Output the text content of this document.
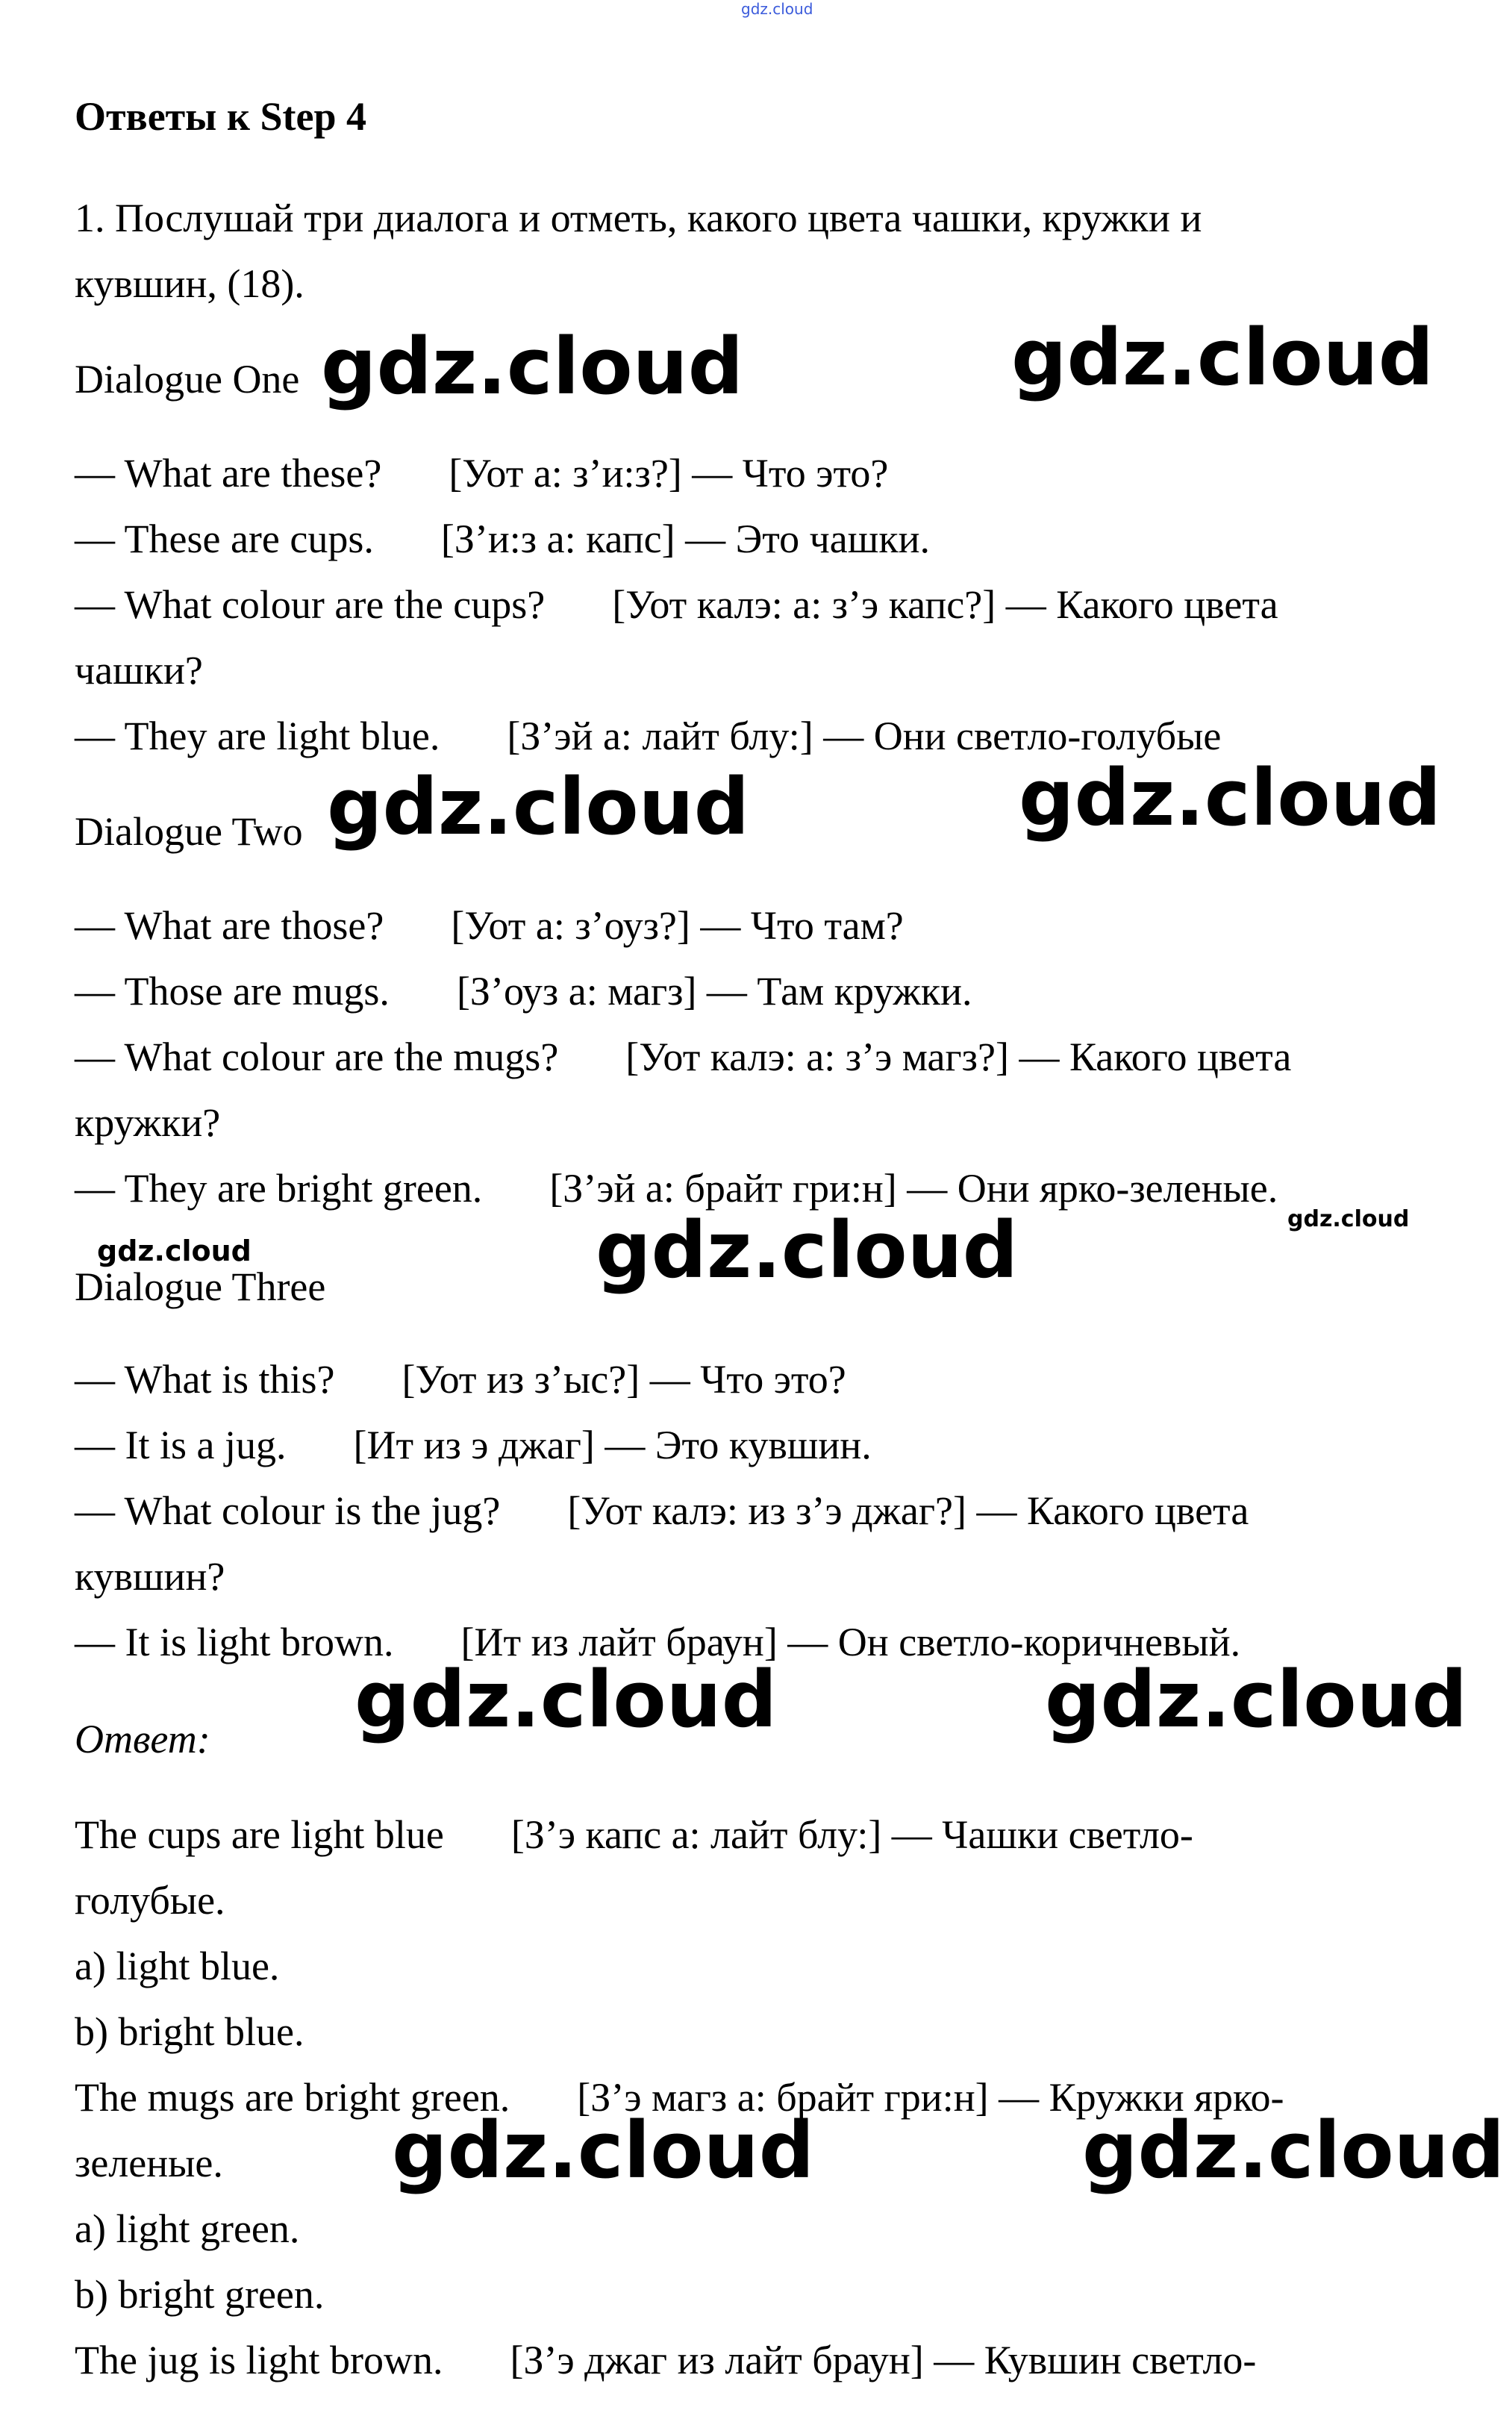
gdz.cloud
Ответы к Step 4
1. Послушай три диалога и отметь, какого цвета чашки, кружки и
кувшин, (18).
Dialogue One gdz.cloud	gdz.cloud
— What are these? [Уот а: з’и:з?] — Что это?
— These are cups. [З’и:з а: капс] — Это чашки.
— What colour are the cups? [Уот калэ: а: з’э капс?] — Какого цвета
чашки?
— They are light blue. [З’эй а: лайт блу:] — Они светло-голубые
Dialogue Two gdz.cloud	gdz.cloud
— What are those? [Уот а: з’оуз?] — Что там?
— Those are mugs. [З’оуз а: магз] — Там кружки.
— What colour are the mugs? [Уот калэ: а: з’э магз?] — Какого цвета
кружки?
— They are bright green. [З’эй а: брайт гри:н] — Они ярко-зеленые.
gdz.cloud
gdz.cloud
Dialogue Three	gdz.cloud
— What is this? [Уот из з’ыс?] — Что это?
— It is a jug. [Ит из э джаг] — Это кувшин.
— What colour is the jug? [Уот калэ: из з’э джаг?] — Какого цвета
кувшин?
— It is light brown. [Ит из лайт браун] — Он светло-коричневый.
Ответ: gdz.cloud	gdz.cloud
The cups are light blue [З’э капс а: лайт блу:] — Чашки светло-
голубые.
a) light blue.
b) bright blue.
The mugs are bright green. [З’э магз а: брайт гри:н] — Кружки ярко-
зеленые. gdz.cloud	gdz.cloud
a) light green.
b) bright green.
The jug is light brown. [З’э джаг из лайт браун] — Кувшин светло-
